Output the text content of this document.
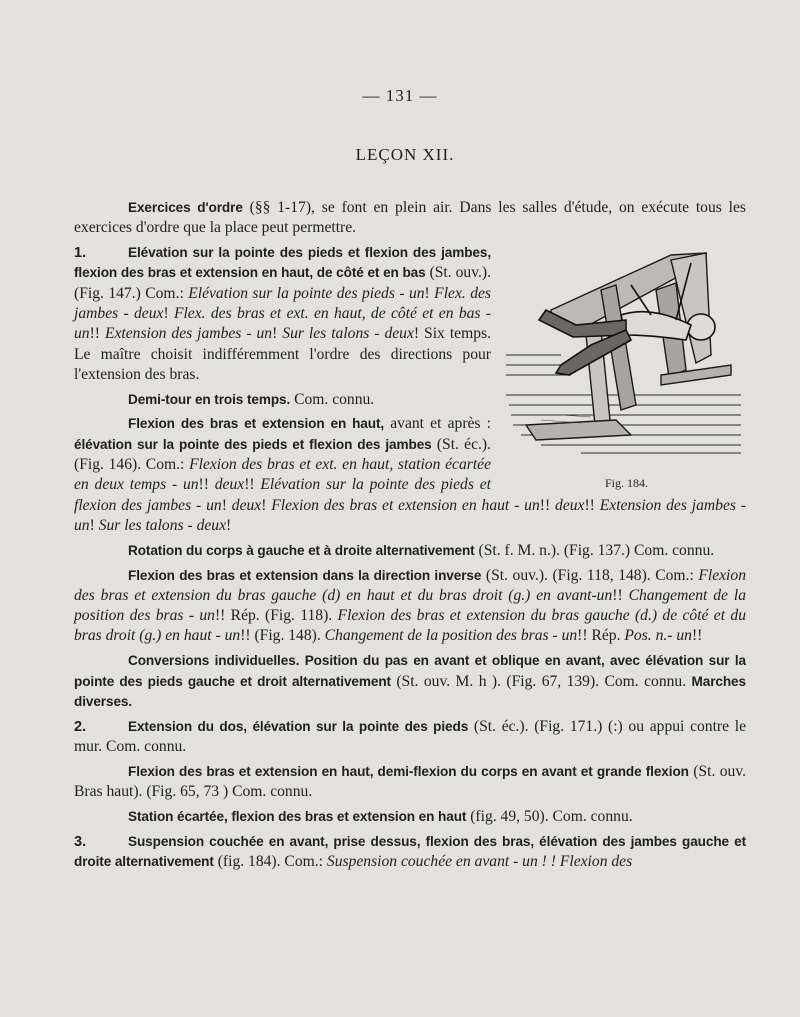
— 131 —
LEÇON XII.

Exercices d'ordre (§§ 1-17), se font en plein air. Dans les salles d'étude, on exécute tous les exercices d'ordre que la place peut permettre.

Fig. 184.

1.	Elévation sur la pointe des pieds et flexion des jambes, flexion des bras et extension en haut, de côté et en bas (St. ouv.). (Fig. 147.) Com.: Elévation sur la pointe des pieds - un! Flex. des jambes - deux! Flex. des bras et ext. en haut, de côté et en bas - un!! Extension des jambes - un! Sur les talons - deux! Six temps. Le maître choisit indifféremment l'ordre des directions pour l'extension des bras.

Demi-tour en trois temps. Com. connu.

Flexion des bras et extension en haut, avant et après : élévation sur la pointe des pieds et flexion des jambes (St. éc.). (Fig. 146). Com.: Flexion des bras et ext. en haut, station écartée en deux temps - un!! deux!! Elévation sur la pointe des pieds et flexion des jambes - un! deux! Flexion des bras et extension en haut - un!! deux!! Extension des jambes - un! Sur les talons - deux!

Rotation du corps à gauche et à droite alternativement (St. f. M. n.). (Fig. 137.) Com. connu.

Flexion des bras et extension dans la direction inverse (St. ouv.). (Fig. 118, 148). Com.: Flexion des bras et extension du bras gauche (d) en haut et du bras droit (g.) en avant-un!! Changement de la position des bras - un!! Rép. (Fig. 118). Flexion des bras et extension du bras gauche (d.) de côté et du bras droit (g.) en haut - un!! (Fig. 148). Changement de la position des bras - un!! Rép. Pos. n.- un!!

Conversions individuelles. Position du pas en avant et oblique en avant, avec élévation sur la pointe des pieds gauche et droit alternativement (St. ouv. M. h ). (Fig. 67, 139). Com. connu. Marches diverses.

2.	Extension du dos, élévation sur la pointe des pieds (St. éc.). (Fig. 171.) (:) ou appui contre le mur. Com. connu.

Flexion des bras et extension en haut, demi-flexion du corps en avant et grande flexion (St. ouv. Bras haut). (Fig. 65, 73 ) Com. connu.

Station écartée, flexion des bras et extension en haut (fig. 49, 50). Com. connu.

3.	Suspension couchée en avant, prise dessus, flexion des bras, élévation des jambes gauche et droite alternativement (fig. 184). Com.: Suspension couchée en avant - un ! ! Flexion des
